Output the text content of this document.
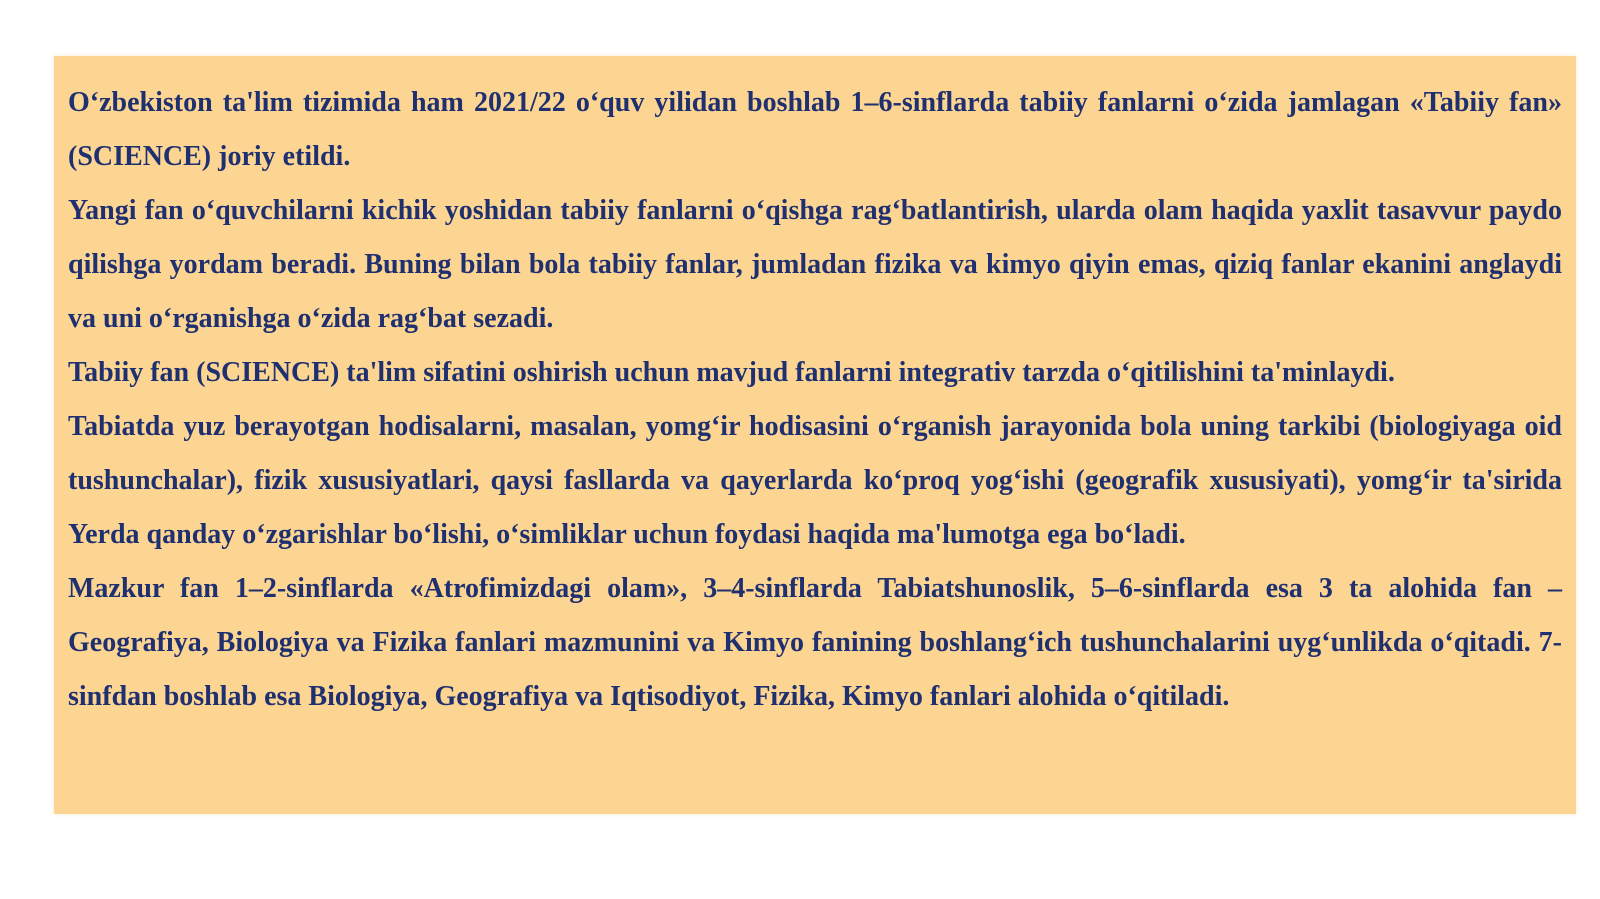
O‘zbekiston ta'lim tizimida ham 2021/22 o‘quv yilidan boshlab 1–6-sinflarda tabiiy fanlarni o‘zida jamlagan «Tabiiy fan» (SCIENCE) joriy etildi.

Yangi fan o‘quvchilarni kichik yoshidan tabiiy fanlarni o‘qishga rag‘batlantirish, ularda olam haqida yaxlit tasavvur paydo qilishga yordam beradi. Buning bilan bola tabiiy fanlar, jumladan fizika va kimyo qiyin emas, qiziq fanlar ekanini anglaydi va uni o‘rganishga o‘zida rag‘bat sezadi.

Tabiiy fan (SCIENCE) ta'lim sifatini oshirish uchun mavjud fanlarni integrativ tarzda o‘qitilishini ta'minlaydi.

Tabiatda yuz berayotgan hodisalarni, masalan, yomg‘ir hodisasini o‘rganish jarayonida bola uning tarkibi (biologiyaga oid tushunchalar), fizik xususiyatlari, qaysi fasllarda va qayerlarda ko‘proq yog‘ishi (geografik xususiyati), yomg‘ir ta'sirida Yerda qanday o‘zgarishlar bo‘lishi, o‘simliklar uchun foydasi haqida ma'lumotga ega bo‘ladi.

Mazkur fan 1–2-sinflarda «Atrofimizdagi olam», 3–4-sinflarda Tabiatshunoslik, 5–6-sinflarda esa 3 ta alohida fan – Geografiya, Biologiya va Fizika fanlari mazmunini va Kimyo fanining boshlang‘ich tushunchalarini uyg‘unlikda o‘qitadi. 7-sinfdan boshlab esa Biologiya, Geografiya va Iqtisodiyot, Fizika, Kimyo fanlari alohida o‘qitiladi.
